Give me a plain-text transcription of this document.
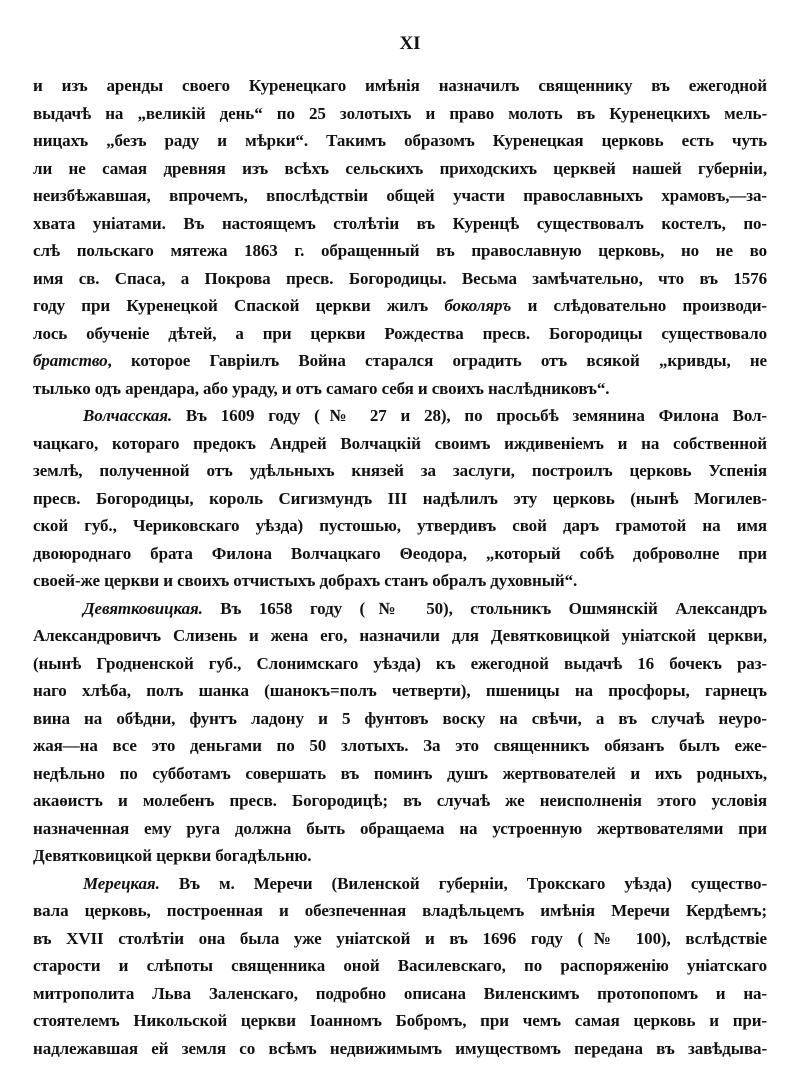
XI
и изъ аренды своего Куренецкаго имѣнія назначилъ священнику въ ежегодной
выдачѣ на „великій день“ по 25 золотыхъ и право молоть въ Куренецкихъ мель-
ницахъ „безъ раду и мѣрки“. Такимъ образомъ Куренецкая церковь есть чуть
ли не самая древняя изъ всѣхъ сельскихъ приходскихъ церквей нашей губерніи,
неизбѣжавшая, впрочемъ, впослѣдствіи общей участи православныхъ храмовъ,—за-
хвата уніатами. Въ настоящемъ столѣтіи въ Куренцѣ существовалъ костелъ, по-
слѣ польскаго мятежа 1863 г. обращенный въ православную церковь, но не во
имя св. Спаса, а Покрова пресв. Богородицы. Весьма замѣчательно, что въ 1576
году при Куренецкой Спаской церкви жилъ боколяръ и слѣдовательно производи-
лось обученіе дѣтей, а при церкви Рождества пресв. Богородицы существовало
братство, которое Гавріилъ Война старался оградить отъ всякой „кривды, не
тылько одъ арендара, або ураду, и отъ самаго себя и своихъ наслѣдниковъ“.
Волчасская. Въ 1609 году (№ 27 и 28), по просьбѣ земянина Филона Вол-
чацкаго, котораго предокъ Андрей Волчацкій своимъ иждивеніемъ и на собственной
землѣ, полученной отъ удѣльныхъ князей за заслуги, построилъ церковь Успенія
пресв. Богородицы, король Сигизмундъ III надѣлилъ эту церковь (нынѣ Могилев-
ской губ., Чериковскаго уѣзда) пустошью, утвердивъ свой даръ грамотой на имя
двоюроднаго брата Филона Волчацкаго Θеодора, „который собѣ доброволне при
своей-же церкви и своихъ отчистыхъ добрахъ станъ обралъ духовный“.
Девятковицкая. Въ 1658 году (№ 50), стольникъ Ошмянскій Александръ
Александровичъ Слизень и жена его, назначили для Девятковицкой уніатской церкви,
(нынѣ Гродненской губ., Слонимскаго уѣзда) къ ежегодной выдачѣ 16 бочекъ раз-
наго хлѣба, полъ шанка (шанокъ=полъ четверти), пшеницы на просфоры, гарнецъ
вина на обѣдни, фунтъ ладону и 5 фунтовъ воску на свѣчи, а въ случаѣ неуро-
жая—на все это деньгами по 50 злотыхъ. За это священникъ обязанъ былъ еже-
недѣльно по субботамъ совершать въ поминъ душъ жертвователей и ихъ родныхъ,
акаѳистъ и молебенъ пресв. Богородицѣ; въ случаѣ же неисполненія этого условія
назначенная ему руга должна быть обращаема на устроенную жертвователями при
Девятковицкой церкви богадѣльню.
Мерецкая. Въ м. Меречи (Виленской губерніи, Трокскаго уѣзда) существо-
вала церковь, построенная и обезпеченная владѣльцемъ имѣнія Меречи Кердѣемъ;
въ XVII столѣтіи она была уже уніатской и въ 1696 году (№ 100), вслѣдствіе
старости и слѣпоты священника оной Василевскаго, по распоряженію уніатскаго
митрополита Льва Заленскаго, подробно описана Виленскимъ протопопомъ и на-
стоятелемъ Никольской церкви Іоанномъ Бобромъ, при чемъ самая церковь и при-
надлежавшая ей земля со всѣмъ недвижимымъ имуществомъ передана въ завѣдыва-
